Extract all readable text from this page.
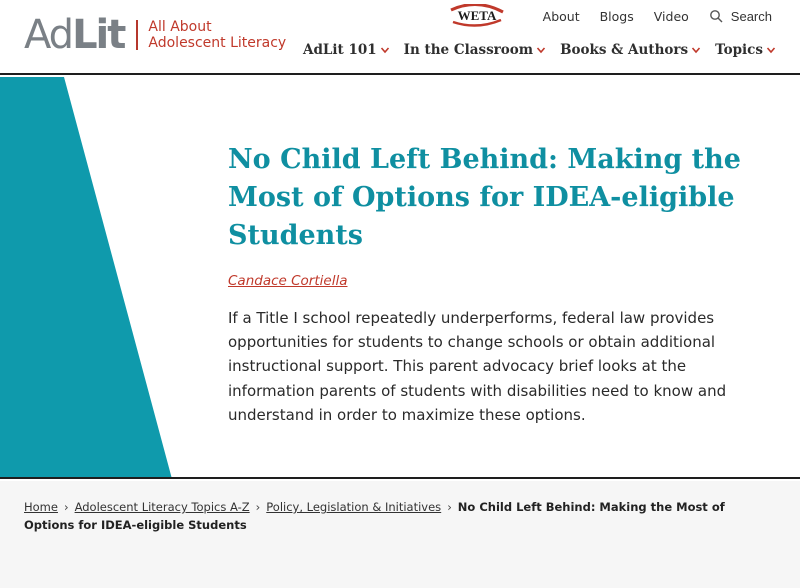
Ad Lit All About
Adolescent Literacy
WETA	About Blogs Video	Search
AdLit 101 In the Classroom Books & Authors Topics
No Child Left Behind: Making the Most of Options for IDEA-eligible Students
Candace Cortiella

If a Title I school repeatedly underperforms, federal law provides opportunities for students to change schools or obtain additional instructional support. This parent advocacy brief looks at the information parents of students with disabilities need to know and understand in order to maximize these options.

Home › Adolescent Literacy Topics A-Z › Policy, Legislation & Initiatives › No Child Left Behind: Making the Most of Options for IDEA-eligible Students
